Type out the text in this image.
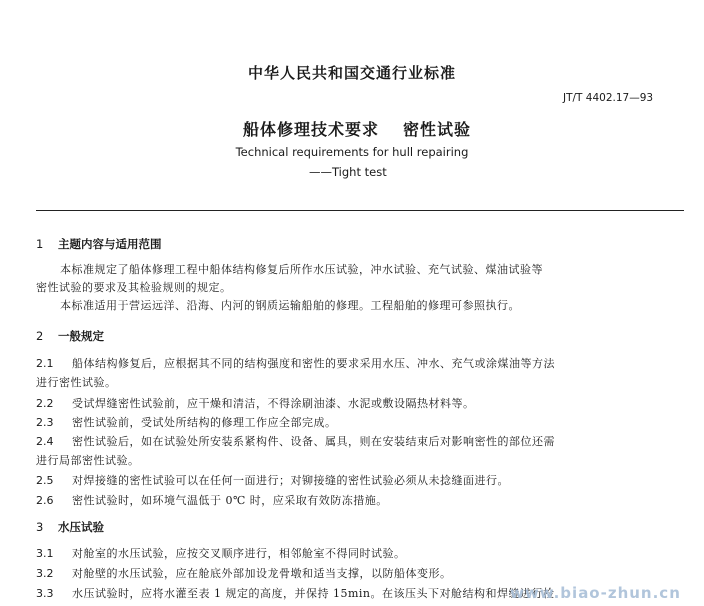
中华人民共和国交通行业标准
JT/T 4402.17—93
船体修理技术要求 密性试验
Technical requirements for hull repairing
——Tight test
1 主题内容与适用范围
本标准规定了船体修理工程中船体结构修复后所作水压试验，冲水试验、充气试验、煤油试验等
密性试验的要求及其检验规则的规定。
本标准适用于营运远洋、沿海、内河的钢质运输船舶的修理。工程船舶的修理可参照执行。
2 一般规定
2.1 船体结构修复后，应根据其不同的结构强度和密性的要求采用水压、冲水、充气或涂煤油等方法
进行密性试验。
2.2 受试焊缝密性试验前，应干燥和清洁，不得涂刷油漆、水泥或敷设隔热材料等。
2.3 密性试验前，受试处所结构的修理工作应全部完成。
2.4 密性试验后，如在试验处所安装系紧构件、设备、属具，则在安装结束后对影响密性的部位还需
进行局部密性试验。
2.5 对焊接缝的密性试验可以在任何一面进行；对铆接缝的密性试验必须从未捻缝面进行。
2.6 密性试验时，如环境气温低于 0℃ 时，应采取有效防冻措施。
3 水压试验
3.1 对舱室的水压试验，应按交叉顺序进行，相邻舱室不得同时试验。
3.2 对舱壁的水压试验，应在舱底外部加设龙骨墩和适当支撑，以防船体变形。
3.3 水压试验时，应将水灌至表 1 规定的高度，并保持 15min。在该压头下对舱结构和焊缝进行检
www.biao-zhun.cn
